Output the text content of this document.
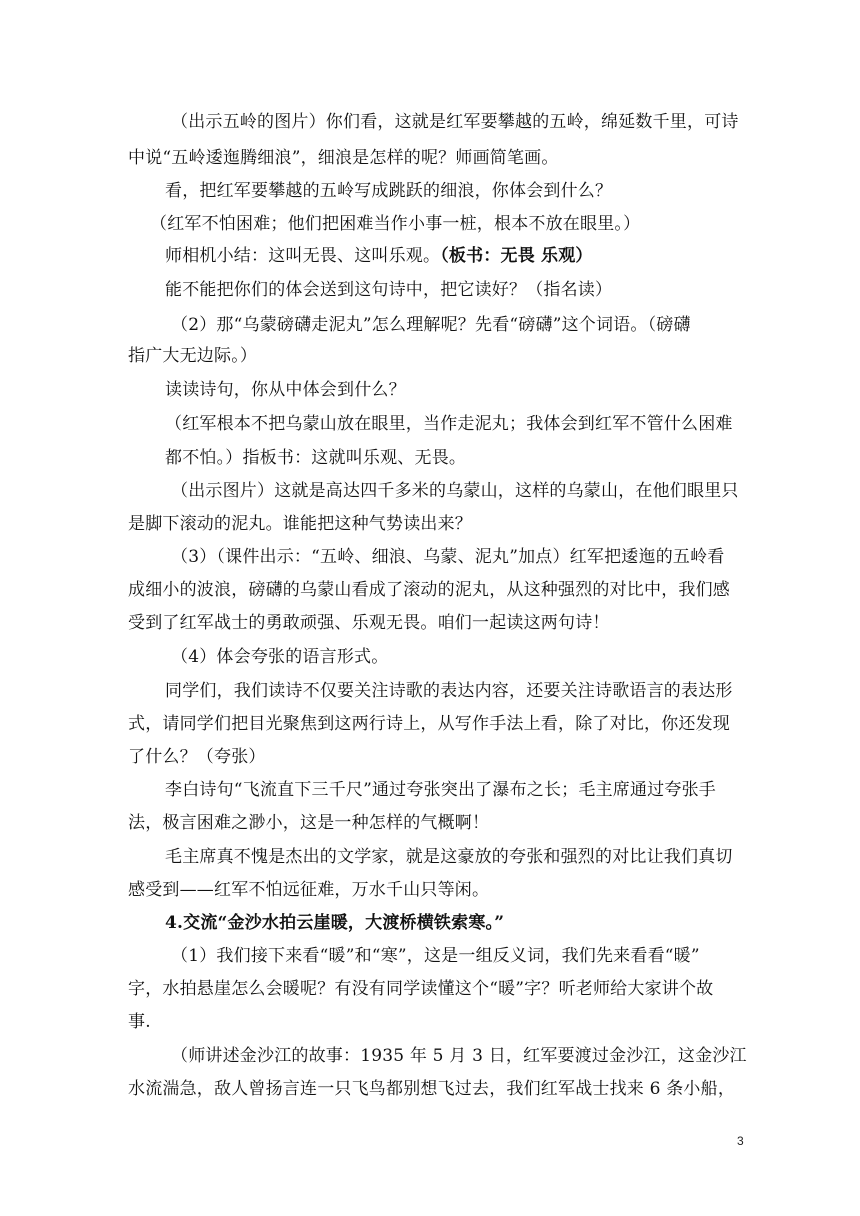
（出示五岭的图片）你们看，这就是红军要攀越的五岭，绵延数千里，可诗
中说“五岭逶迤腾细浪”，细浪是怎样的呢？师画简笔画。
看，把红军要攀越的五岭写成跳跃的细浪，你体会到什么？
（红军不怕困难；他们把困难当作小事一桩，根本不放在眼里。）
师相机小结：这叫无畏、这叫乐观。（板书：无畏 乐观）
能不能把你们的体会送到这句诗中，把它读好？（指名读）
（2）那“乌蒙磅礴走泥丸”怎么理解呢？先看“磅礴”这个词语。（磅礴
指广大无边际。）
读读诗句，你从中体会到什么？
（红军根本不把乌蒙山放在眼里，当作走泥丸；我体会到红军不管什么困难
都不怕。）指板书：这就叫乐观、无畏。
（出示图片）这就是高达四千多米的乌蒙山，这样的乌蒙山，在他们眼里只
是脚下滚动的泥丸。谁能把这种气势读出来？
（3）（课件出示：“五岭、细浪、乌蒙、泥丸”加点）红军把逶迤的五岭看
成细小的波浪，磅礴的乌蒙山看成了滚动的泥丸，从这种强烈的对比中，我们感
受到了红军战士的勇敢顽强、乐观无畏。咱们一起读这两句诗！
（4）体会夸张的语言形式。
同学们，我们读诗不仅要关注诗歌的表达内容，还要关注诗歌语言的表达形
式，请同学们把目光聚焦到这两行诗上，从写作手法上看，除了对比，你还发现
了什么？（夸张）
李白诗句“飞流直下三千尺”通过夸张突出了瀑布之长；毛主席通过夸张手
法，极言困难之渺小，这是一种怎样的气概啊！
毛主席真不愧是杰出的文学家，就是这豪放的夸张和强烈的对比让我们真切
感受到——红军不怕远征难，万水千山只等闲。
4.交流“金沙水拍云崖暖，大渡桥横铁索寒。”
（1）我们接下来看“暖”和“寒”，这是一组反义词，我们先来看看“暖”
字，水拍悬崖怎么会暖呢？有没有同学读懂这个“暖”字？听老师给大家讲个故
事.
（师讲述金沙江的故事：1935 年 5 月 3 日，红军要渡过金沙江，这金沙江
水流湍急，敌人曾扬言连一只飞鸟都别想飞过去，我们红军战士找来 6 条小船，
3
